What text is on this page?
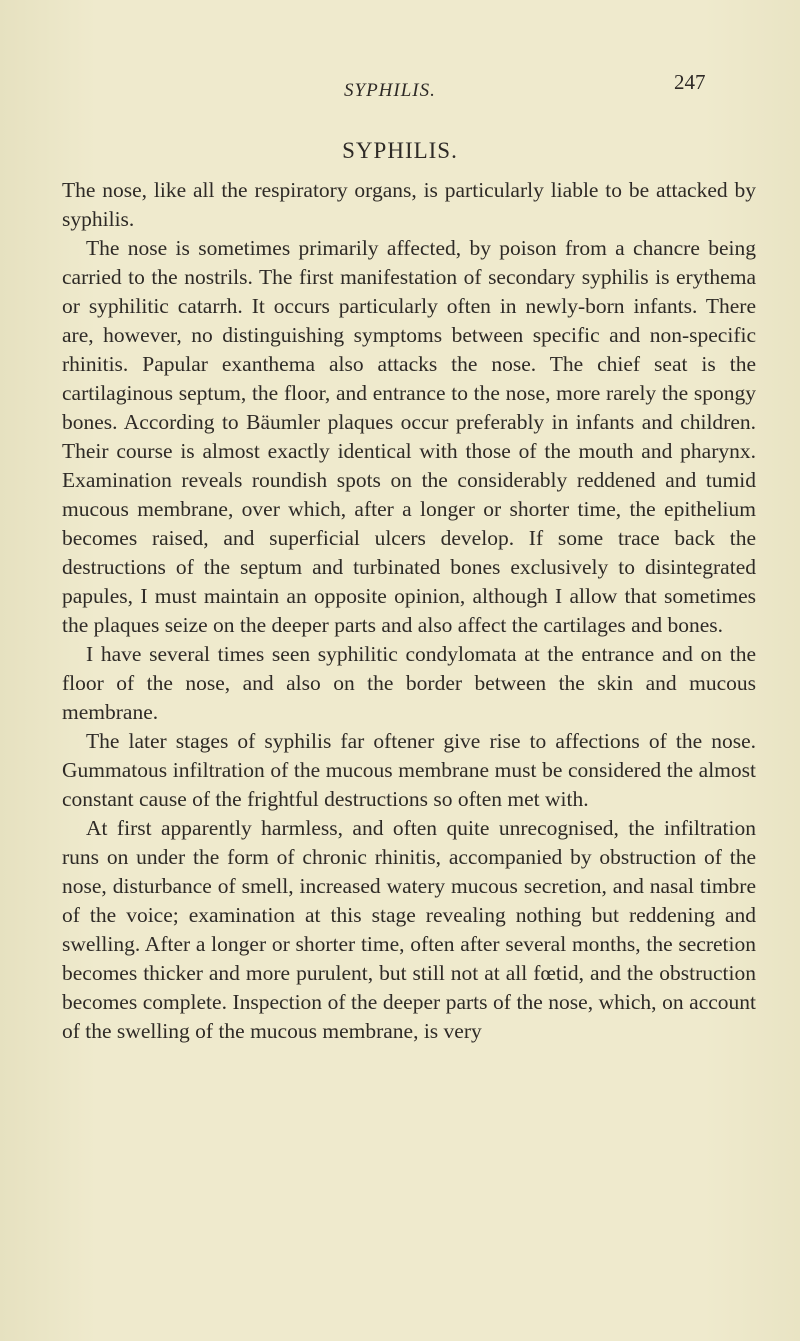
SYPHILIS.	247
SYPHILIS.

The nose, like all the respiratory organs, is particularly liable to be attacked by syphilis.

The nose is sometimes primarily affected, by poison from a chancre being carried to the nostrils. The first manifestation of secondary syphilis is erythema or syphilitic catarrh. It occurs particularly often in newly-born infants. There are, however, no distinguishing symptoms between specific and non-specific rhinitis. Papular exanthema also attacks the nose. The chief seat is the cartilaginous septum, the floor, and entrance to the nose, more rarely the spongy bones. According to Bäumler plaques occur preferably in infants and children. Their course is almost exactly identical with those of the mouth and pharynx. Examination reveals roundish spots on the considerably reddened and tumid mucous membrane, over which, after a longer or shorter time, the epithelium becomes raised, and superficial ulcers develop. If some trace back the destructions of the septum and turbinated bones exclusively to disintegrated papules, I must maintain an opposite opinion, although I allow that sometimes the plaques seize on the deeper parts and also affect the cartilages and bones.

I have several times seen syphilitic condylomata at the entrance and on the floor of the nose, and also on the border between the skin and mucous membrane.

The later stages of syphilis far oftener give rise to affections of the nose. Gummatous infiltration of the mucous membrane must be considered the almost constant cause of the frightful destructions so often met with.

At first apparently harmless, and often quite unrecognised, the infiltration runs on under the form of chronic rhinitis, accompanied by obstruction of the nose, disturbance of smell, increased watery mucous secretion, and nasal timbre of the voice; examination at this stage revealing nothing but reddening and swelling. After a longer or shorter time, often after several months, the secretion becomes thicker and more purulent, but still not at all fœtid, and the obstruction becomes complete. Inspection of the deeper parts of the nose, which, on account of the swelling of the mucous membrane, is very
